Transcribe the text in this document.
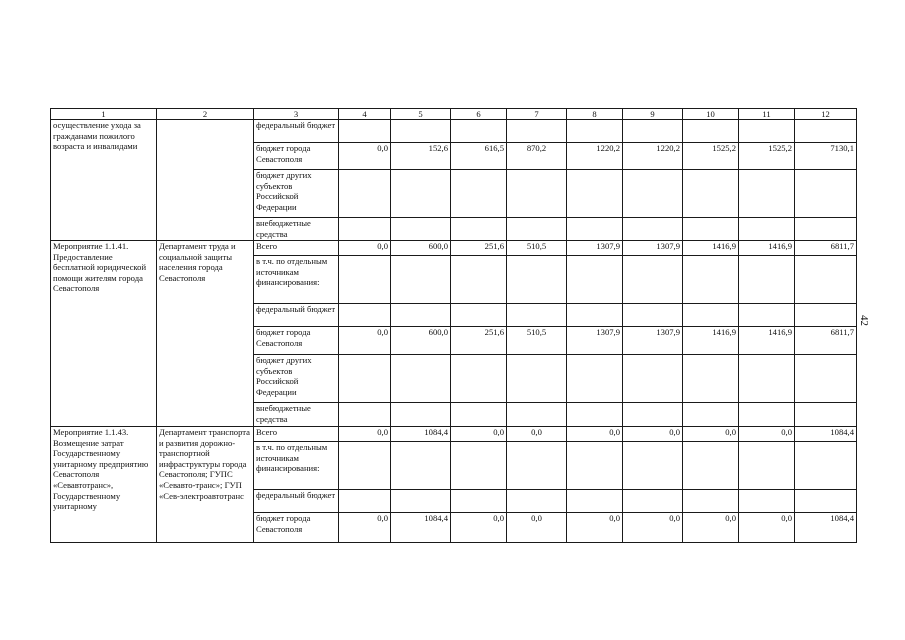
1	2	3	4	5	6	7	8	9	10	11	12
осуществление ухода за гражданами пожилого возраста и инвалидами		федеральный бюджет									
		бюджет города Севастополя	0,0	152,6	616,5	870,2	1220,2	1220,2	1525,2	1525,2	7130,1
		бюджет других субъектов Российской Федерации									
		внебюджетные средства									
Мероприятие 1.1.41. Предоставление бесплатной юридической помощи жителям города Севастополя	Департамент труда и социальной защиты населения города Севастополя	Всего	0,0	600,0	251,6	510,5	1307,9	1307,9	1416,9	1416,9	6811,7
		в т.ч. по отдельным источникам финансирования:									
		федеральный бюджет									
		бюджет города Севастополя	0,0	600,0	251,6	510,5	1307,9	1307,9	1416,9	1416,9	6811,7
		бюджет других субъектов Российской Федерации									
		внебюджетные средства									
Мероприятие 1.1.43. Возмещение затрат Государственному унитарному предприятию Севастополя «Севавтотранс», Государственному унитарному	Департамент транспорта и развития дорожно-транспортной инфраструктуры города Севастополя; ГУПС «Севавто-транс»; ГУП «Сев-электроавтотранс	Всего	0,0	1084,4	0,0	0,0	0,0	0,0	0,0	0,0	1084,4
		в т.ч. по отдельным источникам финансирования:									
		федеральный бюджет									
		бюджет города Севастополя	0,0	1084,4	0,0	0,0	0,0	0,0	0,0	0,0	1084,4
42
